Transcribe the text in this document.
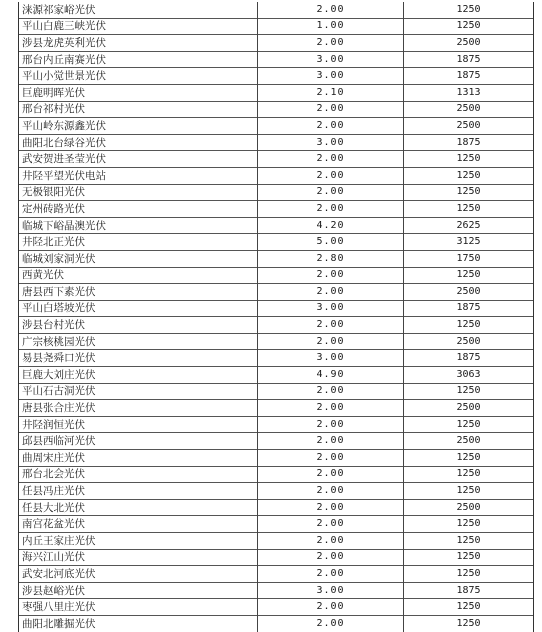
涞源祁家峪光伏	2.00	1250
平山白鹿三峡光伏	1.00	1250
涉县龙虎英利光伏	2.00	2500
邢台内丘南赛光伏	3.00	1875
平山小觉世景光伏	3.00	1875
巨鹿明晖光伏	2.10	1313
邢台祁村光伏	2.00	2500
平山岭东源鑫光伏	2.00	2500
曲阳北台绿谷光伏	3.00	1875
武安贺进圣莹光伏	2.00	1250
井陉平望光伏电站	2.00	1250
无极银阳光伏	2.00	1250
定州砖路光伏	2.00	1250
临城下峪晶澳光伏	4.20	2625
井陉北正光伏	5.00	3125
临城刘家洞光伏	2.80	1750
西黄光伏	2.00	1250
唐县西下素光伏	2.00	2500
平山白塔坡光伏	3.00	1875
涉县台村光伏	2.00	1250
广宗核桃园光伏	2.00	2500
易县尧舜口光伏	3.00	1875
巨鹿大刘庄光伏	4.90	3063
平山石古洞光伏	2.00	1250
唐县张合庄光伏	2.00	2500
井陉润恒光伏	2.00	1250
邱县西临河光伏	2.00	2500
曲周宋庄光伏	2.00	1250
邢台北会光伏	2.00	1250
任县冯庄光伏	2.00	1250
任县大北光伏	2.00	2500
南宫花盆光伏	2.00	1250
内丘王家庄光伏	2.00	1250
海兴江山光伏	2.00	1250
武安北河底光伏	2.00	1250
涉县赵峪光伏	3.00	1875
枣强八里庄光伏	2.00	1250
曲阳北雕掘光伏	2.00	1250
